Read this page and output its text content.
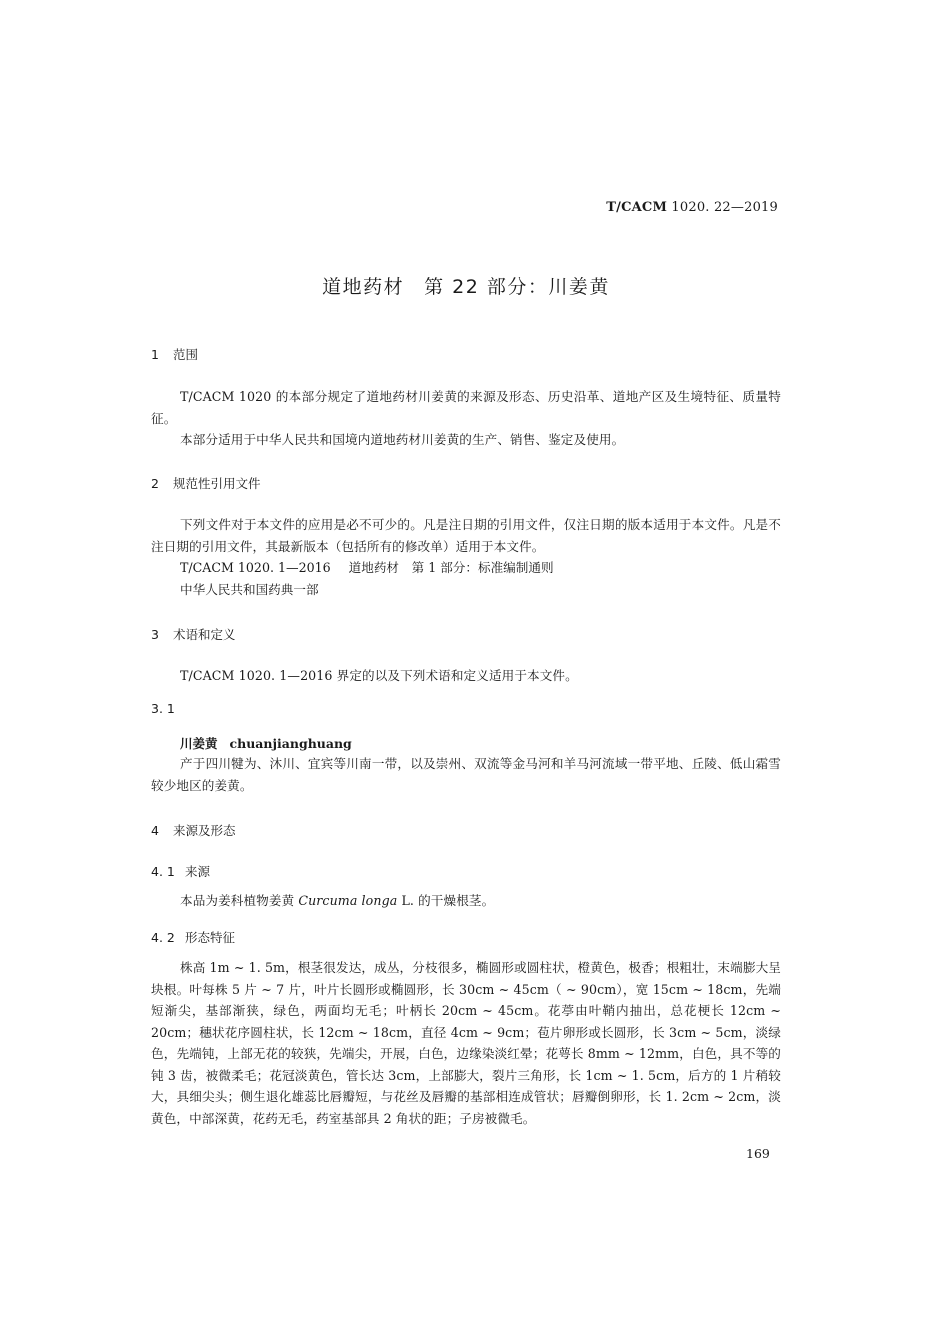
T/CACM 1020. 22—2019
道地药材 第 22 部分：川姜黄
1 范围

T/CACM 1020 的本部分规定了道地药材川姜黄的来源及形态、历史沿革、道地产区及生境特征、质量特征。

本部分适用于中华人民共和国境内道地药材川姜黄的生产、销售、鉴定及使用。

2 规范性引用文件

下列文件对于本文件的应用是必不可少的。凡是注日期的引用文件，仅注日期的版本适用于本文件。凡是不注日期的引用文件，其最新版本（包括所有的修改单）适用于本文件。

T/CACM 1020. 1—2016 道地药材　第 1 部分：标准编制通则

中华人民共和国药典一部

3 术语和定义

T/CACM 1020. 1—2016 界定的以及下列术语和定义适用于本文件。

3. 1
川姜黄 chuanjianghuang

产于四川犍为、沐川、宜宾等川南一带，以及崇州、双流等金马河和羊马河流域一带平地、丘陵、低山霜雪较少地区的姜黄。

4 来源及形态
4. 1 来源

本品为姜科植物姜黄 Curcuma longa L. 的干燥根茎。

4. 2 形态特征

株高 1m ~ 1. 5m，根茎很发达，成丛，分枝很多，椭圆形或圆柱状，橙黄色，极香；根粗壮，末端膨大呈块根。叶每株 5 片 ~ 7 片，叶片长圆形或椭圆形，长 30cm ~ 45cm（ ~ 90cm），宽 15cm ~ 18cm，先端短渐尖，基部渐狭，绿色，两面均无毛；叶柄长 20cm ~ 45cm。花葶由叶鞘内抽出，总花梗长 12cm ~ 20cm；穗状花序圆柱状，长 12cm ~ 18cm，直径 4cm ~ 9cm；苞片卵形或长圆形，长 3cm ~ 5cm，淡绿色，先端钝，上部无花的较狭，先端尖，开展，白色，边缘染淡红晕；花萼长 8mm ~ 12mm，白色，具不等的钝 3 齿，被微柔毛；花冠淡黄色，管长达 3cm，上部膨大，裂片三角形，长 1cm ~ 1. 5cm，后方的 1 片稍较大，具细尖头；侧生退化雄蕊比唇瓣短，与花丝及唇瓣的基部相连成管状；唇瓣倒卵形，长 1. 2cm ~ 2cm，淡黄色，中部深黄，花药无毛，药室基部具 2 角状的距；子房被微毛。

169
